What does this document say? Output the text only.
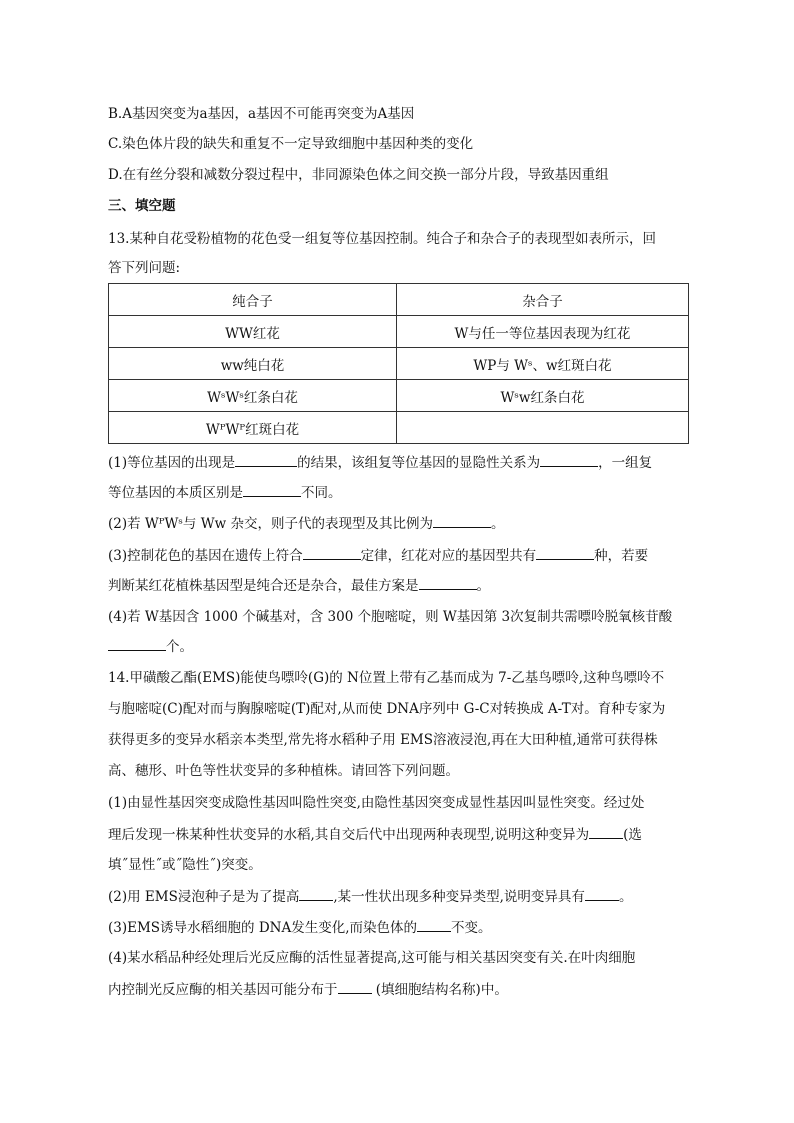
B.A基因突变为a基因，a基因不可能再突变为A基因
C.染色体片段的缺失和重复不一定导致细胞中基因种类的变化
D.在有丝分裂和减数分裂过程中，非同源染色体之间交换一部分片段，导致基因重组
三、填空题
13.某种自花受粉植物的花色受一组复等位基因控制。纯合子和杂合子的表现型如表所示，回
答下列问题:
纯合子	杂合子
WW红花	W与任一等位基因表现为红花
ww纯白花	WP与 Wˢ、w红斑白花
WˢWˢ红条白花	Wˢw红条白花
WᴾWᴾ红斑白花	
(1)等位基因的出现是	的结果，该组复等位基因的显隐性关系为	，一组复
等位基因的本质区别是	不同。
(2)若 WᴾWˢ与 Ww 杂交，则子代的表现型及其比例为	。
(3)控制花色的基因在遗传上符合	定律，红花对应的基因型共有	种，若要
判断某红花植株基因型是纯合还是杂合，最佳方案是	。
(4)若 W基因含 1000 个碱基对，含 300 个胞嘧啶，则 W基因第 3次复制共需嘌呤脱氧核苷酸
个。
14.甲磺酸乙酯(EMS)能使鸟嘌呤(G)的 N位置上带有乙基而成为 7-乙基鸟嘌呤,这种鸟嘌呤不
与胞嘧啶(C)配对而与胸腺嘧啶(T)配对,从而使 DNA序列中 G-C对转换成 A-T对。育种专家为
获得更多的变异水稻亲本类型,常先将水稻种子用 EMS溶液浸泡,再在大田种植,通常可获得株
高、穗形、叶色等性状变异的多种植株。请回答下列问题。
(1)由显性基因突变成隐性基因叫隐性突变,由隐性基因突变成显性基因叫显性突变。经过处
理后发现一株某种性状变异的水稻,其自交后代中出现两种表现型,说明这种变异为	(选
填˝显性˝或˝隐性˝)突变。
(2)用 EMS浸泡种子是为了提高	,某一性状出现多种变异类型,说明变异具有	。
(3)EMS诱导水稻细胞的 DNA发生变化,而染色体的	不变。
(4)某水稻品种经处理后光反应酶的活性显著提高,这可能与相关基因突变有关.在叶肉细胞
内控制光反应酶的相关基因可能分布于	(填细胞结构名称)中。
